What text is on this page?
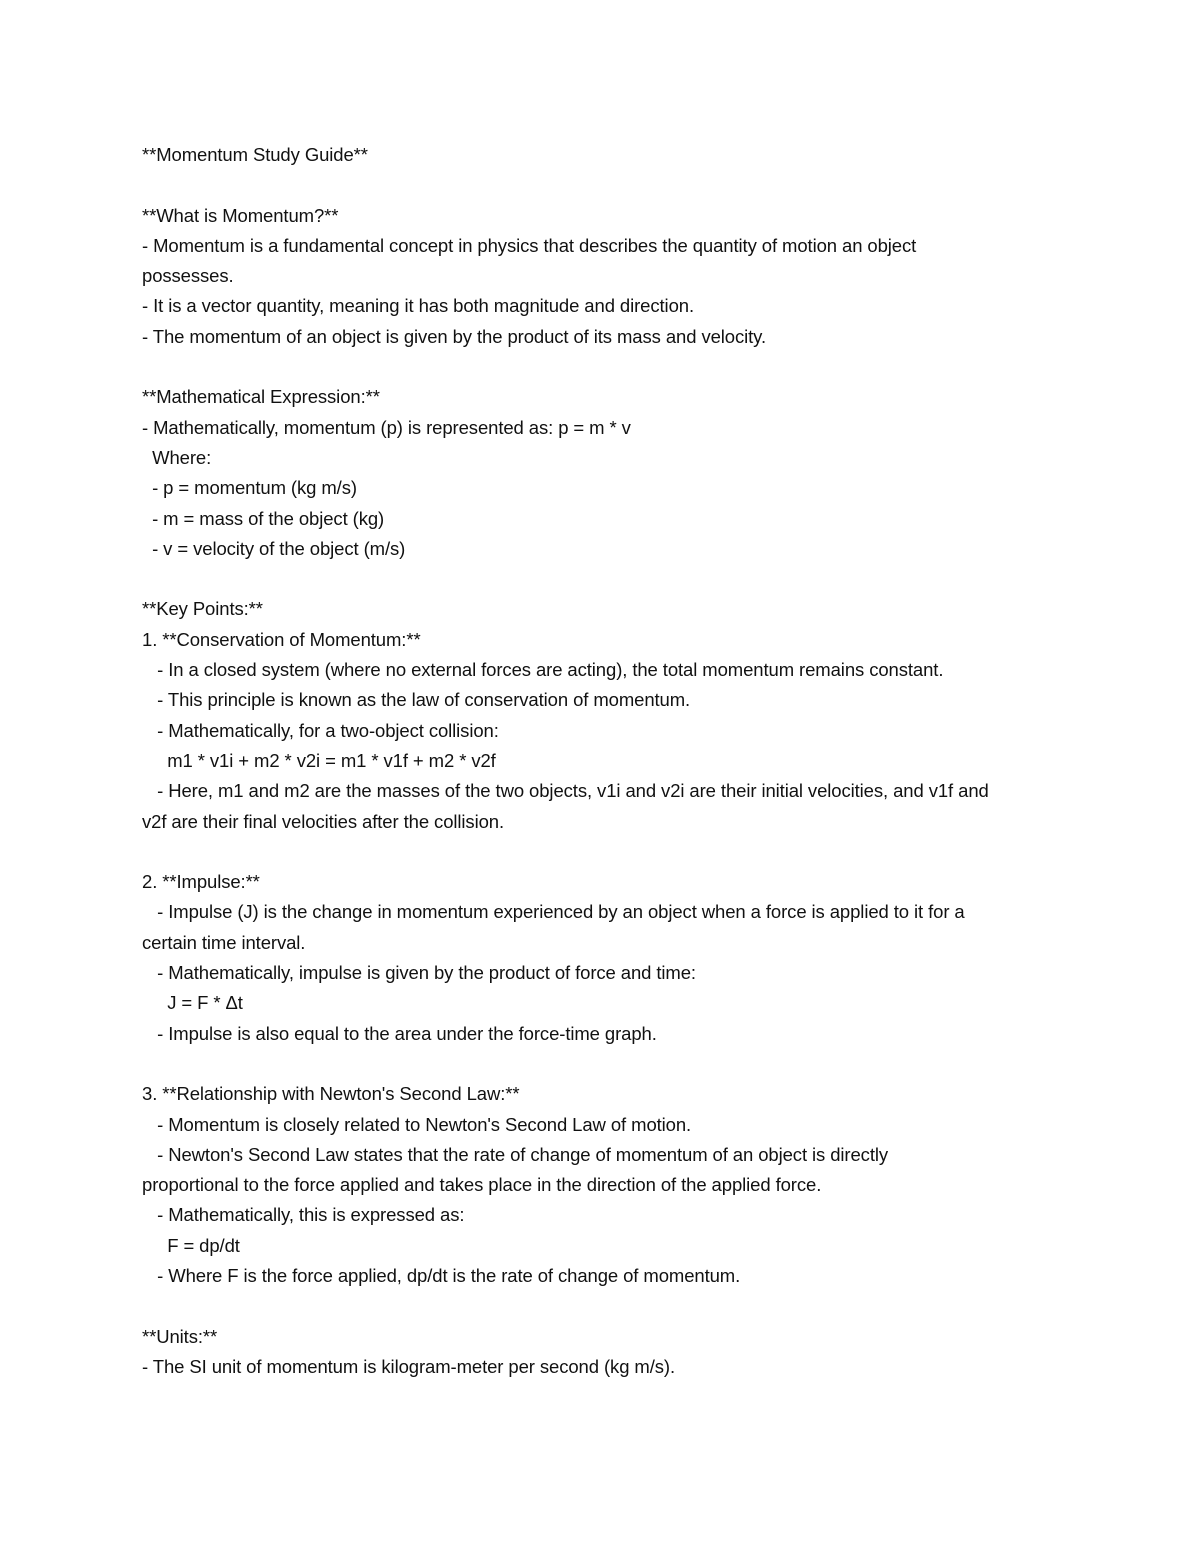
**Momentum Study Guide**
**What is Momentum?**
- Momentum is a fundamental concept in physics that describes the quantity of motion an object
possesses.
- It is a vector quantity, meaning it has both magnitude and direction.
- The momentum of an object is given by the product of its mass and velocity.
**Mathematical Expression:**
- Mathematically, momentum (p) is represented as: p = m * v
Where:
- p = momentum (kg m/s)
- m = mass of the object (kg)
- v = velocity of the object (m/s)
**Key Points:**
1. **Conservation of Momentum:**
- In a closed system (where no external forces are acting), the total momentum remains constant.
- This principle is known as the law of conservation of momentum.
- Mathematically, for a two-object collision:
m1 * v1i + m2 * v2i = m1 * v1f + m2 * v2f
- Here, m1 and m2 are the masses of the two objects, v1i and v2i are their initial velocities, and v1f and
v2f are their final velocities after the collision.
2. **Impulse:**
- Impulse (J) is the change in momentum experienced by an object when a force is applied to it for a
certain time interval.
- Mathematically, impulse is given by the product of force and time:
J = F * Δt
- Impulse is also equal to the area under the force-time graph.
3. **Relationship with Newton's Second Law:**
- Momentum is closely related to Newton's Second Law of motion.
- Newton's Second Law states that the rate of change of momentum of an object is directly
proportional to the force applied and takes place in the direction of the applied force.
- Mathematically, this is expressed as:
F = dp/dt
- Where F is the force applied, dp/dt is the rate of change of momentum.
**Units:**
- The SI unit of momentum is kilogram-meter per second (kg m/s).
